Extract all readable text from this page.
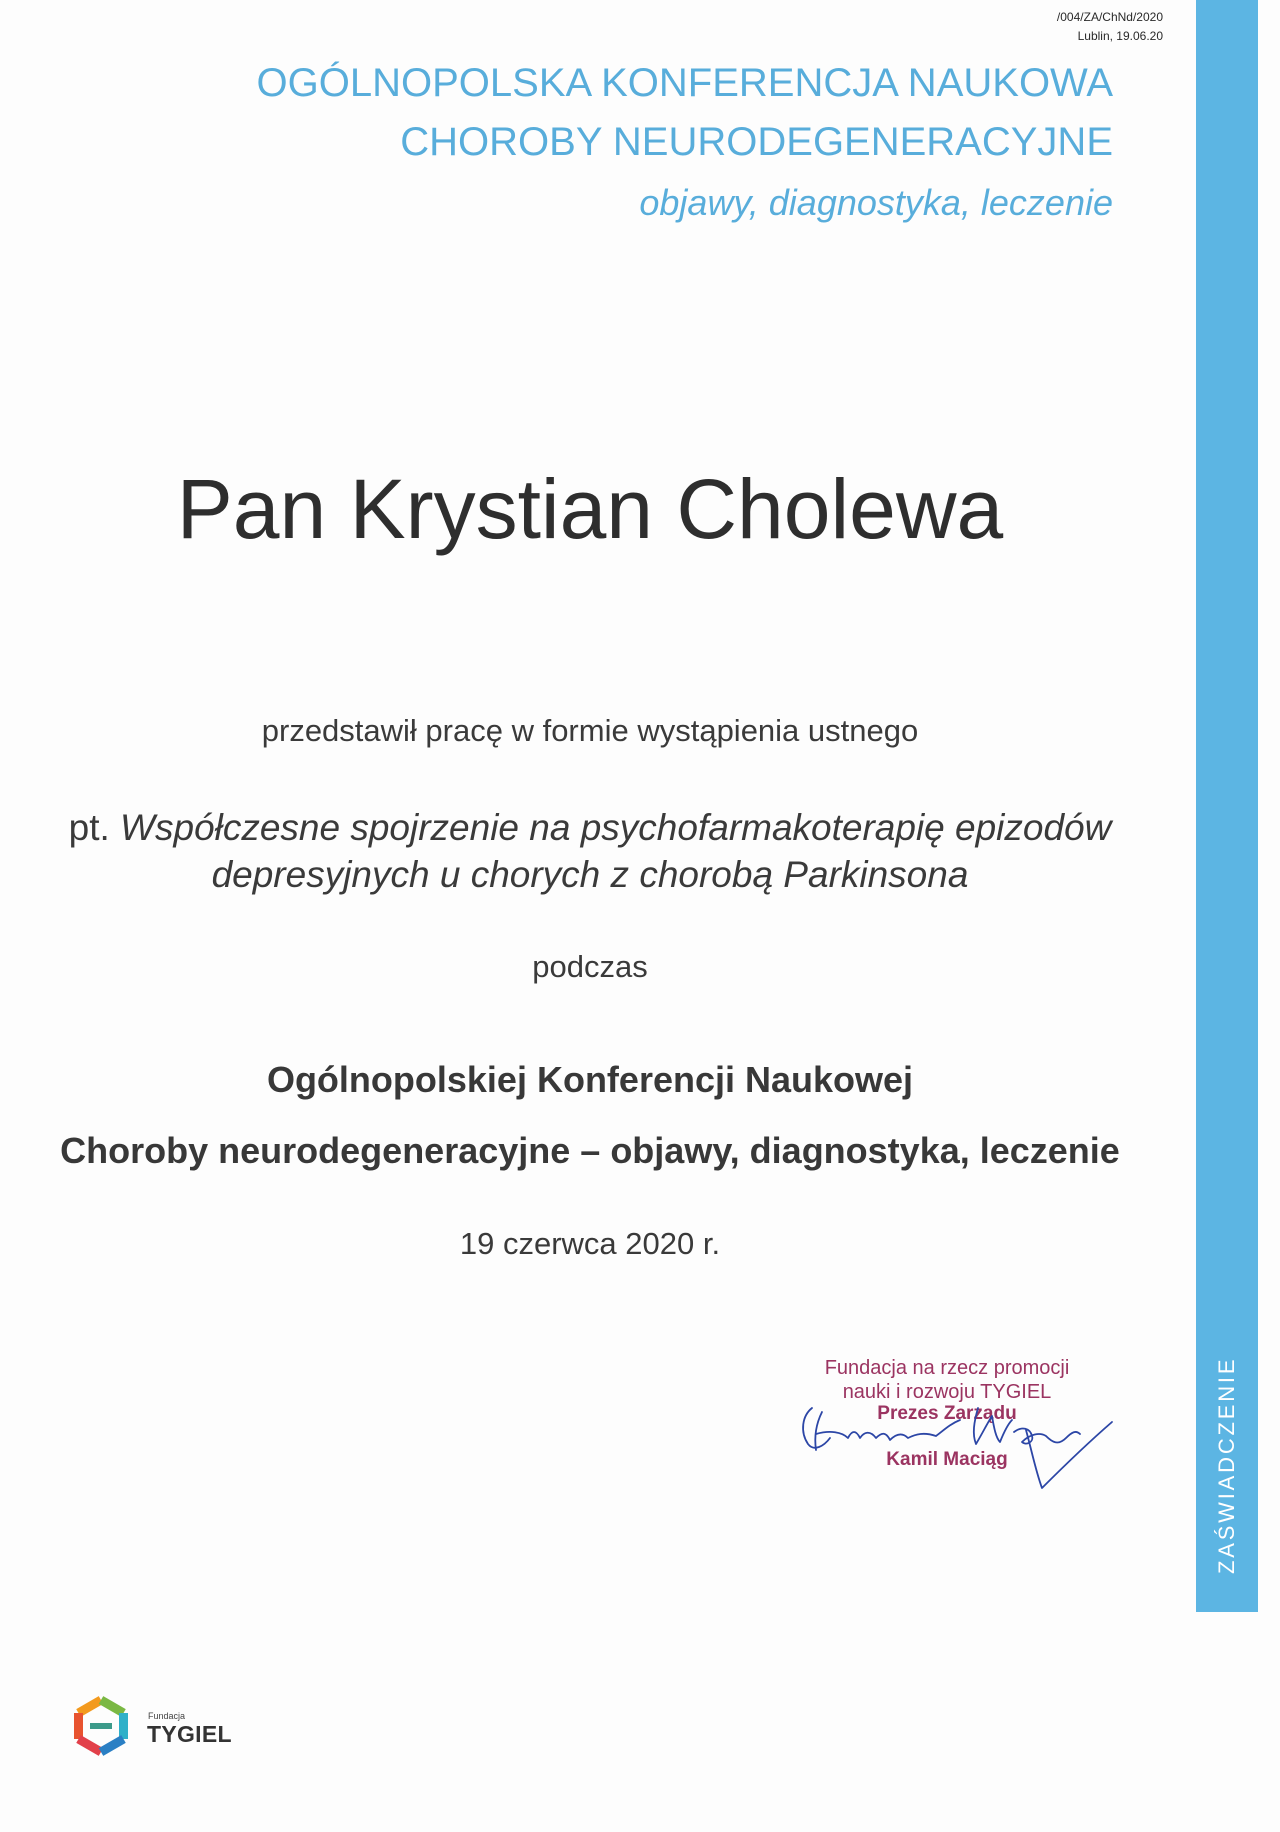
/004/ZA/ChNd/2020
Lublin, 19.06.20
OGÓLNOPOLSKA KONFERENCJA NAUKOWA
CHOROBY NEURODEGENERACYJNE
objawy, diagnostyka, leczenie
Pan Krystian Cholewa
przedstawił pracę w formie wystąpienia ustnego
pt. Współczesne spojrzenie na psychofarmakoterapię epizodów
depresyjnych u chorych z chorobą Parkinsona
podczas
Ogólnopolskiej Konferencji Naukowej
Choroby neurodegeneracyjne – objawy, diagnostyka, leczenie
19 czerwca 2020 r.
Fundacja na rzecz promocji
nauki i rozwoju TYGIEL
Prezes Zarządu
Kamil Maciąg	ZAŚWIADCZENIE
Fundacja
TYGIEL
